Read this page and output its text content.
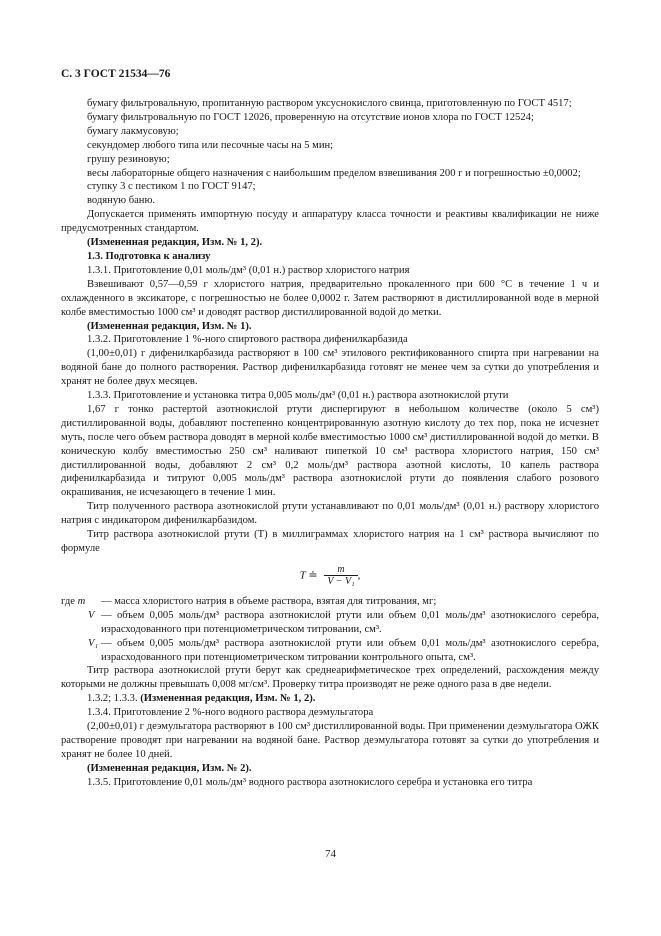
С. 3 ГОСТ 21534—76

бумагу фильтровальную, пропитанную раствором уксуснокислого свинца, приготовленную по ГОСТ 4517;

бумагу фильтровальную по ГОСТ 12026, проверенную на отсутствие ионов хлора по ГОСТ 12524;

бумагу лакмусовую;

секундомер любого типа или песочные часы на 5 мин;

грушу резиновую;

весы лабораторные общего назначения с наибольшим пределом взвешивания 200 г и погрешностью ±0,0002;

ступку 3 с пестиком 1 по ГОСТ 9147;

водяную баню.

Допускается применять импортную посуду и аппаратуру класса точности и реактивы квалификации не ниже предусмотренных стандартом.

(Измененная редакция, Изм. № 1, 2).

1.3. Подготовка к анализу

1.3.1. Приготовление 0,01 моль/дм³ (0,01 н.) раствор хлористого натрия

Взвешивают 0,57—0,59 г хлористого натрия, предварительно прокаленного при 600 °С в течение 1 ч и охлажденного в эксикаторе, с погрешностью не более 0,0002 г. Затем растворяют в дистиллированной воде в мерной колбе вместимостью 1000 см³ и доводят раствор дистиллированной водой до метки.

(Измененная редакция, Изм. № 1).

1.3.2. Приготовление 1 %-ного спиртового раствора дифенилкарбазида

(1,00±0,01) г дифенилкарбазида растворяют в 100 см³ этилового ректификованного спирта при нагревании на водяной бане до полного растворения. Раствор дифенилкарбазида готовят не менее чем за сутки до употребления и хранят не более двух месяцев.

1.3.3. Приготовление и установка титра 0,005 моль/дм³ (0,01 н.) раствора азотнокислой ртути

1,67 г тонко растертой азотнокислой ртути диспергируют в небольшом количестве (около 5 см³) дистиллированной воды, добавляют постепенно концентрированную азотную кислоту до тех пор, пока не исчезнет муть, после чего объем раствора доводят в мерной колбе вместимостью 1000 см³ дистиллированной водой до метки. В коническую колбу вместимостью 250 см³ наливают пипеткой 10 см³ раствора хлористого натрия, 150 см³ дистиллированной воды, добавляют 2 см³ 0,2 моль/дм³ раствора азотной кислоты, 10 капель раствора дифенилкарбазида и титруют 0,005 моль/дм³ раствора азотнокислой ртути до появления слабого розового окрашивания, не исчезающего в течение 1 мин.

Титр полученного раствора азотнокислой ртути устанавливают по 0,01 моль/дм³ (0,01 н.) раствору хлористого натрия с индикатором дифенилкарбазидом.

Титр раствора азотнокислой ртути (T) в миллиграммах хлористого натрия на 1 см³ раствора вычисляют по формуле

T ≐ $\frac{m}{\text{V − V₁}}$ ,
где m	— масса хлористого натрия в объеме раствора, взятая для титрования, мг;
V — объем 0,005 моль/дм³ раствора азотнокислой ртути или объем 0,01 моль/дм³ азотнокислого серебра, израсходованного при потенциометрическом титровании, см³.
V₁ — объем 0,005 моль/дм³ раствора азотнокислой ртути или объем 0,01 моль/дм³ азотнокислого серебра, израсходованного при потенциометрическом титровании контрольного опыта, см³.

Титр раствора азотнокислой ртути берут как среднеарифметическое трех определений, расхождения между которыми не должны превышать 0,008 мг/см³. Проверку титра производят не реже одного раза в две недели.

1.3.2; 1.3.3. (Измененная редакция, Изм. № 1, 2).

1.3.4. Приготовление 2 %-ного водного раствора деэмульгатора

(2,00±0,01) г деэмульгатора растворяют в 100 см³ дистиллированной воды. При применении деэмульгатора ОЖК растворение проводят при нагревании на водяной бане. Раствор деэмульгатора готовят за сутки до употребления и хранят не более 10 дней.

(Измененная редакция, Изм. № 2).

1.3.5. Приготовление 0,01 моль/дм³ водного раствора азотнокислого серебра и установка его титра

74
